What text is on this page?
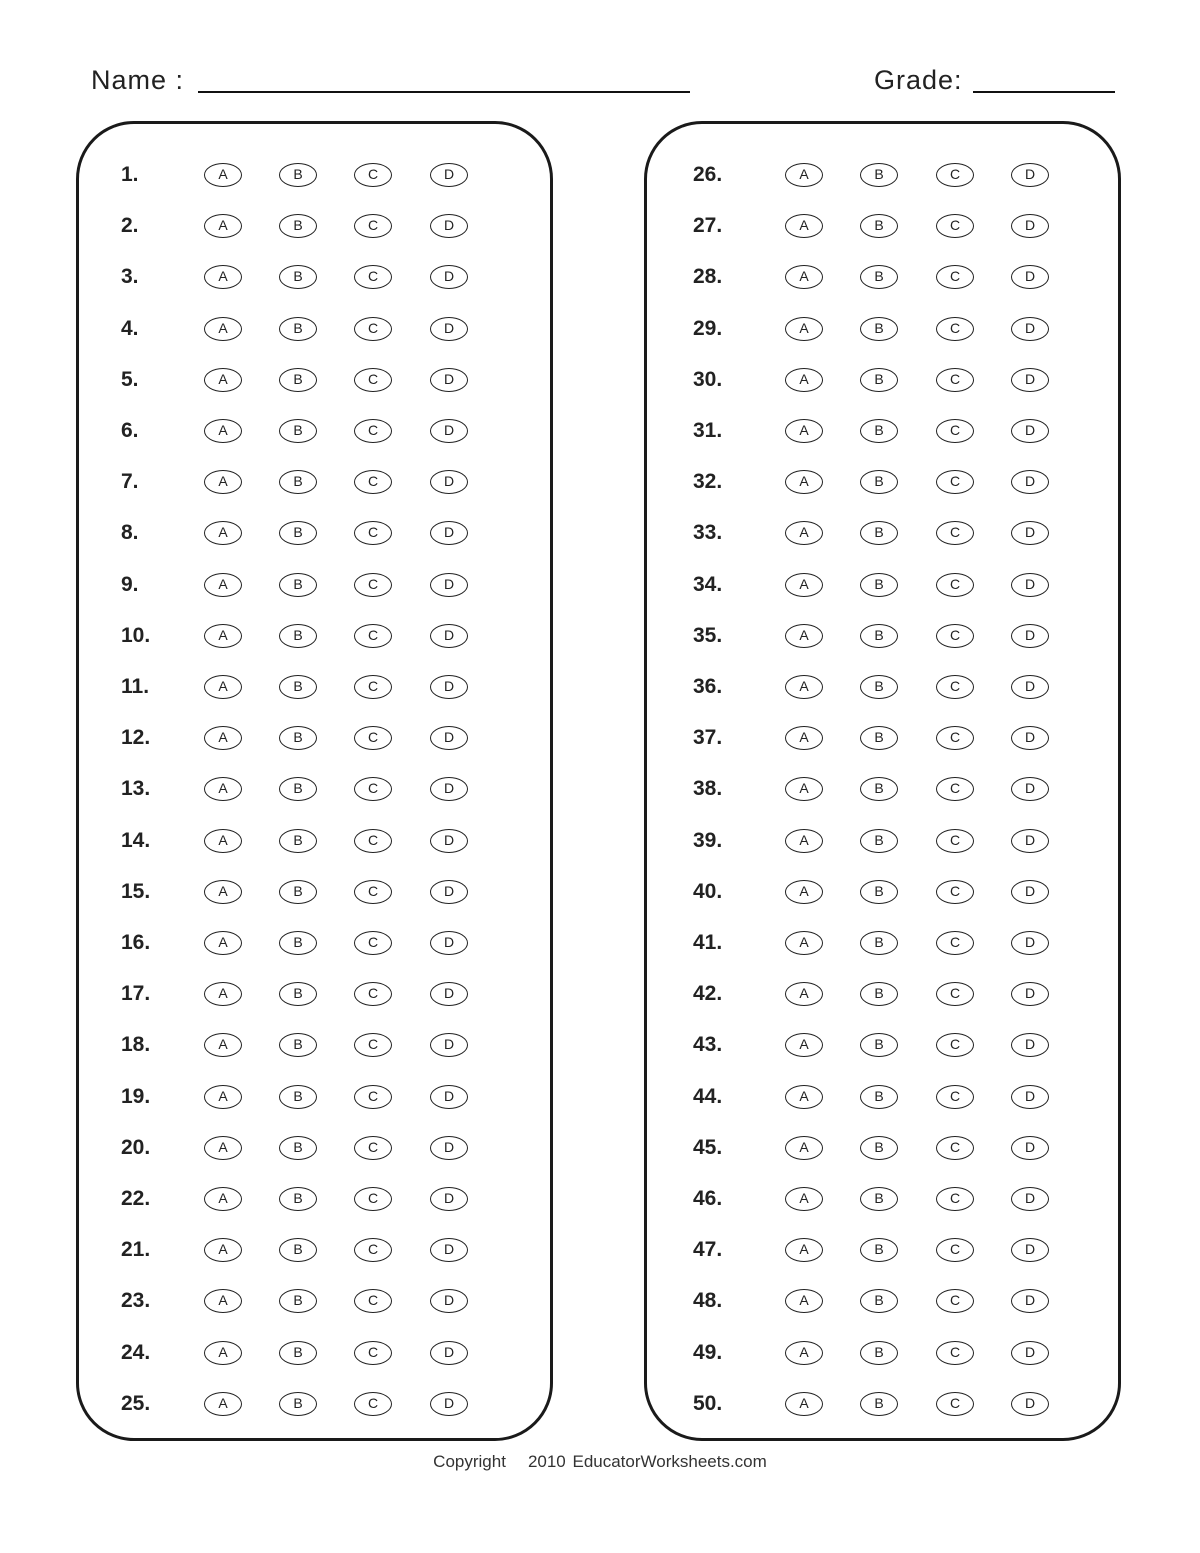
Name :	Grade:
1.	A	B	C	D
2.	A	B	C	D
3.	A	B	C	D
4.	A	B	C	D
5.	A	B	C	D
6.	A	B	C	D
7.	A	B	C	D
8.	A	B	C	D
9.	A	B	C	D
10.	A	B	C	D
11.	A	B	C	D
12.	A	B	C	D
13.	A	B	C	D
14.	A	B	C	D
15.	A	B	C	D
16.	A	B	C	D
17.	A	B	C	D
18.	A	B	C	D
19.	A	B	C	D
20.	A	B	C	D
22.	A	B	C	D
21.	A	B	C	D
23.	A	B	C	D
24.	A	B	C	D
25.	A	B	C	D
26.	A	B	C	D
27.	A	B	C	D
28.	A	B	C	D
29.	A	B	C	D
30.	A	B	C	D
31.	A	B	C	D
32.	A	B	C	D
33.	A	B	C	D
34.	A	B	C	D
35.	A	B	C	D
36.	A	B	C	D
37.	A	B	C	D
38.	A	B	C	D
39.	A	B	C	D
40.	A	B	C	D
41.	A	B	C	D
42.	A	B	C	D
43.	A	B	C	D
44.	A	B	C	D
45.	A	B	C	D
46.	A	B	C	D
47.	A	B	C	D
48.	A	B	C	D
49.	A	B	C	D
50.	A	B	C	D
Copyright 2010 EducatorWorksheets.com
